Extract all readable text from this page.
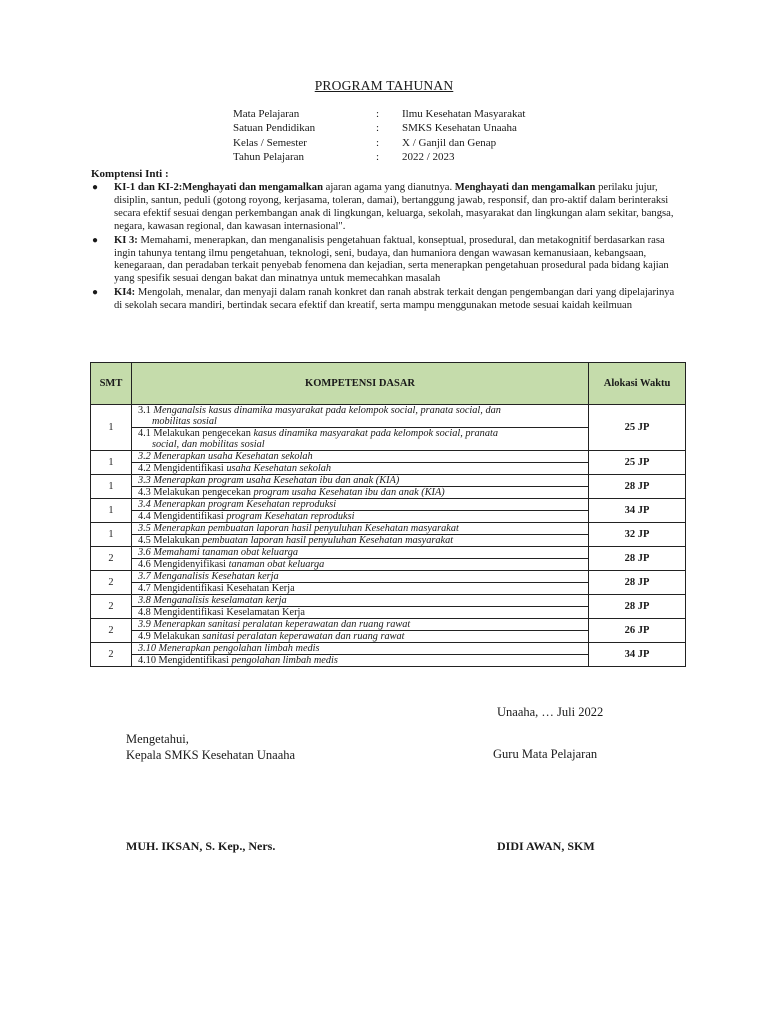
PROGRAM TAHUNAN
Mata Pelajaran	:	Ilmu Kesehatan Masyarakat
Satuan Pendidikan	:	SMKS Kesehatan Unaaha
Kelas / Semester	:	X / Ganjil dan Genap
Tahun Pelajaran	:	2022 / 2023
Komptensi Inti :
● KI-1 dan KI-2:Menghayati dan mengamalkan ajaran agama yang dianutnya. Menghayati dan mengamalkan perilaku jujur, disiplin, santun, peduli (gotong royong, kerjasama, toleran, damai), bertanggung jawab, responsif, dan pro-aktif dalam berinteraksi secara efektif sesuai dengan perkembangan anak di lingkungan, keluarga, sekolah, masyarakat dan lingkungan alam sekitar, bangsa, negara, kawasan regional, dan kawasan internasional".
● KI 3: Memahami, menerapkan, dan menganalisis pengetahuan faktual, konseptual, prosedural, dan metakognitif berdasarkan rasa ingin tahunya tentang ilmu pengetahuan, teknologi, seni, budaya, dan humaniora dengan wawasan kemanusiaan, kebangsaan, kenegaraan, dan peradaban terkait penyebab fenomena dan kejadian, serta menerapkan pengetahuan prosedural pada bidang kajian yang spesifik sesuai dengan bakat dan minatnya untuk memecahkan masalah
● KI4: Mengolah, menalar, dan menyaji dalam ranah konkret dan ranah abstrak terkait dengan pengembangan dari yang dipelajarinya di sekolah secara mandiri, bertindak secara efektif dan kreatif, serta mampu menggunakan metode sesuai kaidah keilmuan
SMT	KOMPETENSI DASAR	Alokasi Waktu
1	3.1 Menganalsis kasus dinamika masyarakat pada kelompok social, pranata social, dan
mobilitas sosial
4.1 Melakukan pengecekan kasus dinamika masyarakat pada kelompok social, pranata
social, dan mobilitas sosial	25 JP
1	3.2 Menerapkan usaha Kesehatan sekolah
4.2 Mengidentifikasi usaha Kesehatan sekolah	25 JP
1	3.3 Menerapkan program usaha Kesehatan ibu dan anak (KIA)
4.3 Melakukan pengecekan program usaha Kesehatan ibu dan anak (KIA)	28 JP
1	3.4 Menerapkan program Kesehatan reproduksi
4.4 Mengidentifikasi program Kesehatan reproduksi	34 JP
1	3.5 Menerapkan pembuatan laporan hasil penyuluhan Kesehatan masyarakat
4.5 Melakukan pembuatan laporan hasil penyuluhan Kesehatan masyarakat	32 JP
2	3.6 Memahami tanaman obat keluarga
4.6 Mengidenyifikasi tanaman obat keluarga	28 JP
2	3.7 Menganalisis Kesehatan kerja
4.7 Mengidentifikasi Kesehatan Kerja	28 JP
2	3.8 Menganalisis keselamatan kerja
4.8 Mengidentifikasi Keselamatan Kerja	28 JP
2	3.9 Menerapkan sanitasi peralatan keperawatan dan ruang rawat
4.9 Melakukan sanitasi peralatan keperawatan dan ruang rawat	26 JP
2	3.10 Menerapkan pengolahan limbah medis
4.10 Mengidentifikasi pengolahan limbah medis	34 JP
Unaaha, … Juli 2022
Mengetahui,
Kepala SMKS Kesehatan Unaaha	Guru Mata Pelajaran
MUH. IKSAN, S. Kep., Ners.	DIDI AWAN, SKM
